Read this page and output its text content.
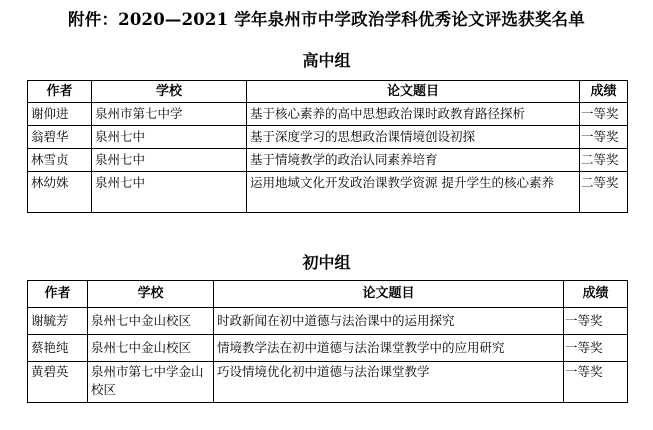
附件：2020—2021 学年泉州市中学政治学科优秀论文评选获奖名单
高中组
作者	学校	论文题目	成绩
谢仰进	泉州市第七中学	基于核心素养的高中思想政治课时政教育路径探析	一等奖
翁碧华	泉州七中	基于深度学习的思想政治课情境创设初探	一等奖
林雪贞	泉州七中	基于情境教学的政治认同素养培育	二等奖
林幼姝	泉州七中	运用地域文化开发政治课教学资源 提升学生的核心素养	二等奖
初中组
作者	学校	论文题目	成绩
谢毓芳	泉州七中金山校区	时政新闻在初中道德与法治课中的运用探究	一等奖
蔡艳纯	泉州七中金山校区	情境教学法在初中道德与法治课堂教学中的应用研究	一等奖
黄碧英	泉州市第七中学金山校区	巧设情境优化初中道德与法治课堂教学	一等奖
